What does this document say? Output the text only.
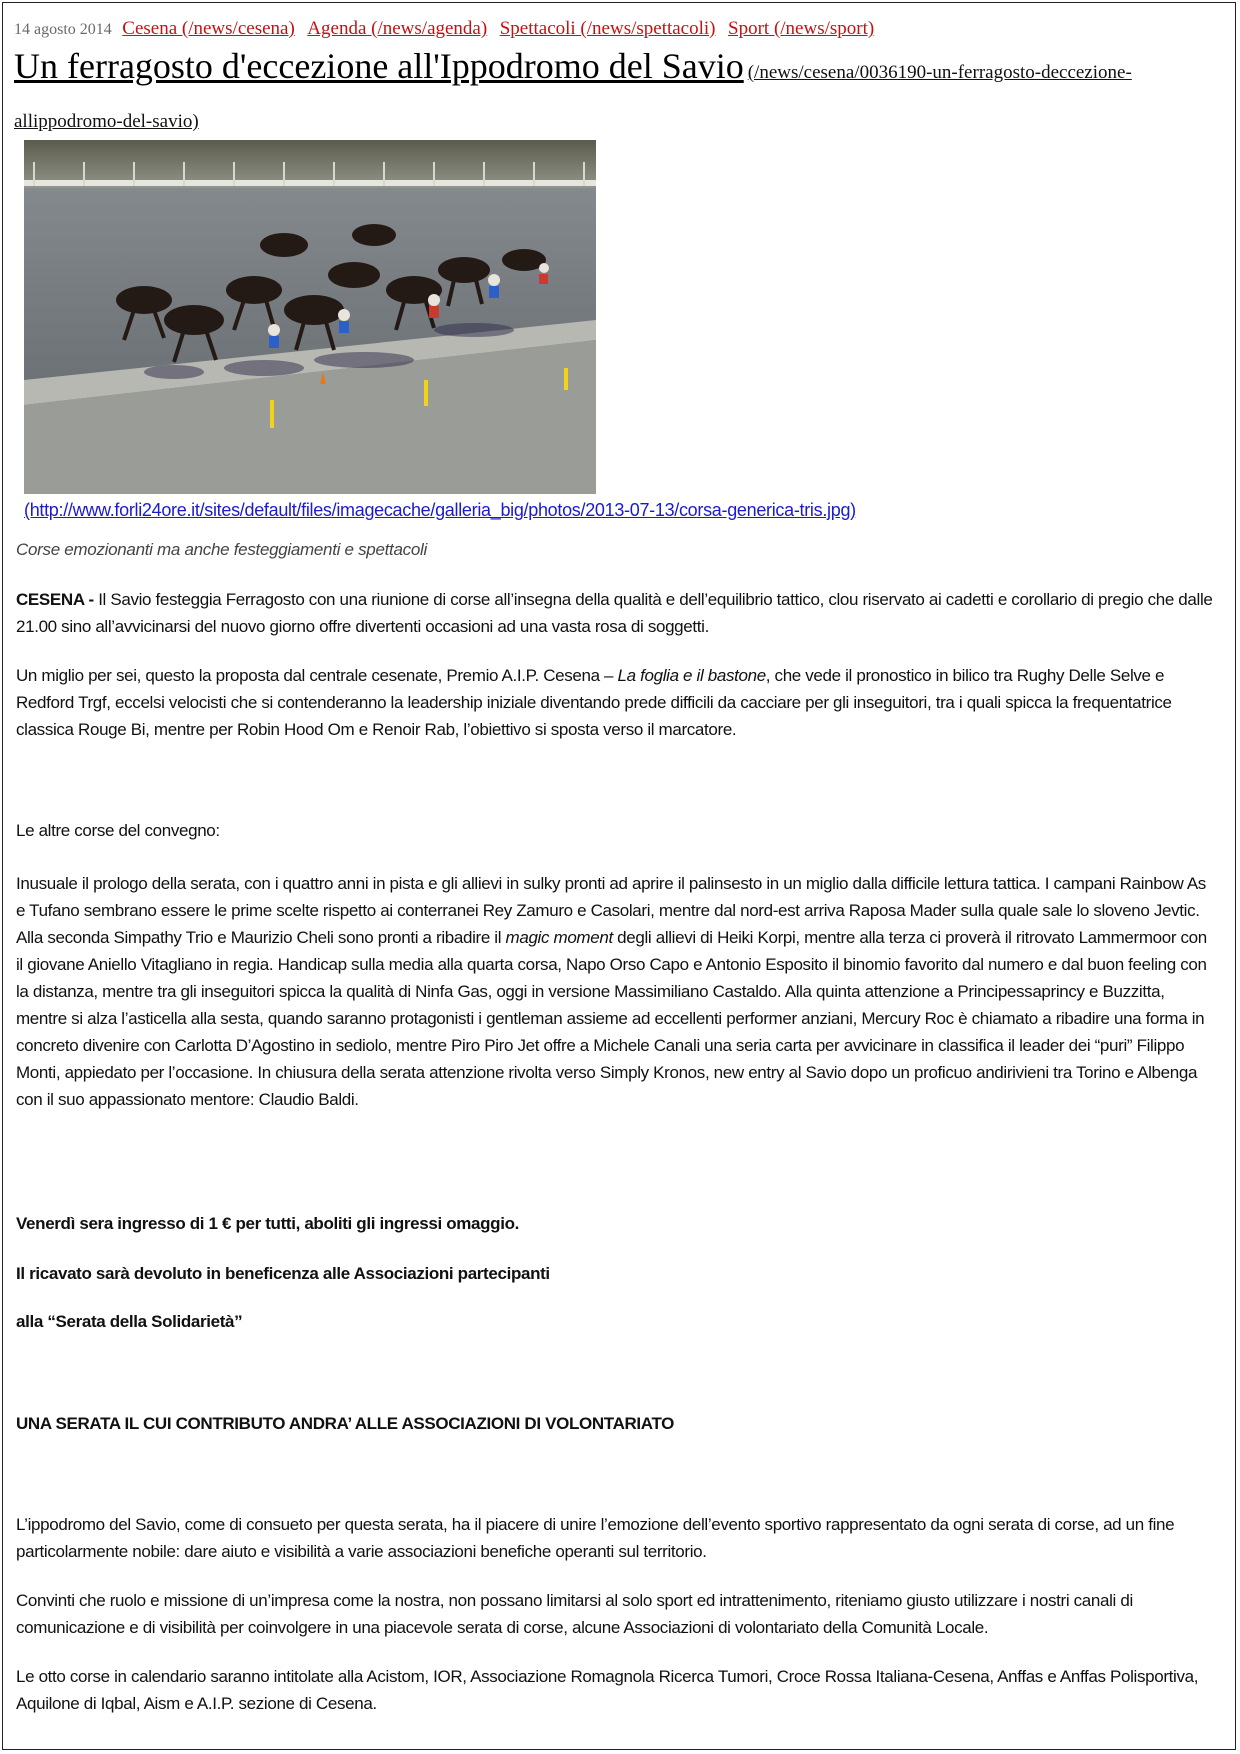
14 agosto 2014 Cesena (/news/cesena) Agenda (/news/agenda) Spettacoli (/news/spettacoli) Sport (/news/sport)
Un ferragosto d'eccezione all'Ippodromo del Savio (/news/cesena/0036190-un-ferragosto-deccezione-allippodromo-del-savio)
(http://www.forli24ore.it/sites/default/files/imagecache/galleria_big/photos/2013-07-13/corsa-generica-tris.jpg)
Corse emozionanti ma anche festeggiamenti e spettacoli
CESENA - Il Savio festeggia Ferragosto con una riunione di corse all’insegna della qualità e dell’equilibrio tattico, clou riservato ai cadetti e corollario di pregio che dalle 21.00 sino all’avvicinarsi del nuovo giorno offre divertenti occasioni ad una vasta rosa di soggetti.
Un miglio per sei, questo la proposta dal centrale cesenate, Premio A.I.P. Cesena – La foglia e il bastone, che vede il pronostico in bilico tra Rughy Delle Selve e Redford Trgf, eccelsi velocisti che si contenderanno la leadership iniziale diventando prede difficili da cacciare per gli inseguitori, tra i quali spicca la frequentatrice classica Rouge Bi, mentre per Robin Hood Om e Renoir Rab, l’obiettivo si sposta verso il marcatore.
Le altre corse del convegno:
Inusuale il prologo della serata, con i quattro anni in pista e gli allievi in sulky pronti ad aprire il palinsesto in un miglio dalla difficile lettura tattica. I campani Rainbow As e Tufano sembrano essere le prime scelte rispetto ai conterranei Rey Zamuro e Casolari, mentre dal nord-est arriva Raposa Mader sulla quale sale lo sloveno Jevtic. Alla seconda Simpathy Trio e Maurizio Cheli sono pronti a ribadire il magic moment degli allievi di Heiki Korpi, mentre alla terza ci proverà il ritrovato Lammermoor con il giovane Aniello Vitagliano in regia. Handicap sulla media alla quarta corsa, Napo Orso Capo e Antonio Esposito il binomio favorito dal numero e dal buon feeling con la distanza, mentre tra gli inseguitori spicca la qualità di Ninfa Gas, oggi in versione Massimiliano Castaldo. Alla quinta attenzione a Principessaprincy e Buzzitta, mentre si alza l’asticella alla sesta, quando saranno protagonisti i gentleman assieme ad eccellenti performer anziani, Mercury Roc è chiamato a ribadire una forma in concreto divenire con Carlotta D’Agostino in sediolo, mentre Piro Piro Jet offre a Michele Canali una seria carta per avvicinare in classifica il leader dei “puri” Filippo Monti, appiedato per l’occasione. In chiusura della serata attenzione rivolta verso Simply Kronos, new entry al Savio dopo un proficuo andirivieni tra Torino e Albenga con il suo appassionato mentore: Claudio Baldi.
Venerdì sera ingresso di 1 € per tutti, aboliti gli ingressi omaggio.
Il ricavato sarà devoluto in beneficenza alle Associazioni partecipanti
alla “Serata della Solidarietà”
UNA SERATA IL CUI CONTRIBUTO ANDRA’ ALLE ASSOCIAZIONI DI VOLONTARIATO
L’ippodromo del Savio, come di consueto per questa serata, ha il piacere di unire l’emozione dell’evento sportivo rappresentato da ogni serata di corse, ad un fine particolarmente nobile: dare aiuto e visibilità a varie associazioni benefiche operanti sul territorio.
Convinti che ruolo e missione di un’impresa come la nostra, non possano limitarsi al solo sport ed intrattenimento, riteniamo giusto utilizzare i nostri canali di comunicazione e di visibilità per coinvolgere in una piacevole serata di corse, alcune Associazioni di volontariato della Comunità Locale.
Le otto corse in calendario saranno intitolate alla Acistom, IOR, Associazione Romagnola Ricerca Tumori, Croce Rossa Italiana-Cesena, Anffas e Anffas Polisportiva, Aquilone di Iqbal, Aism e A.I.P. sezione di Cesena.
